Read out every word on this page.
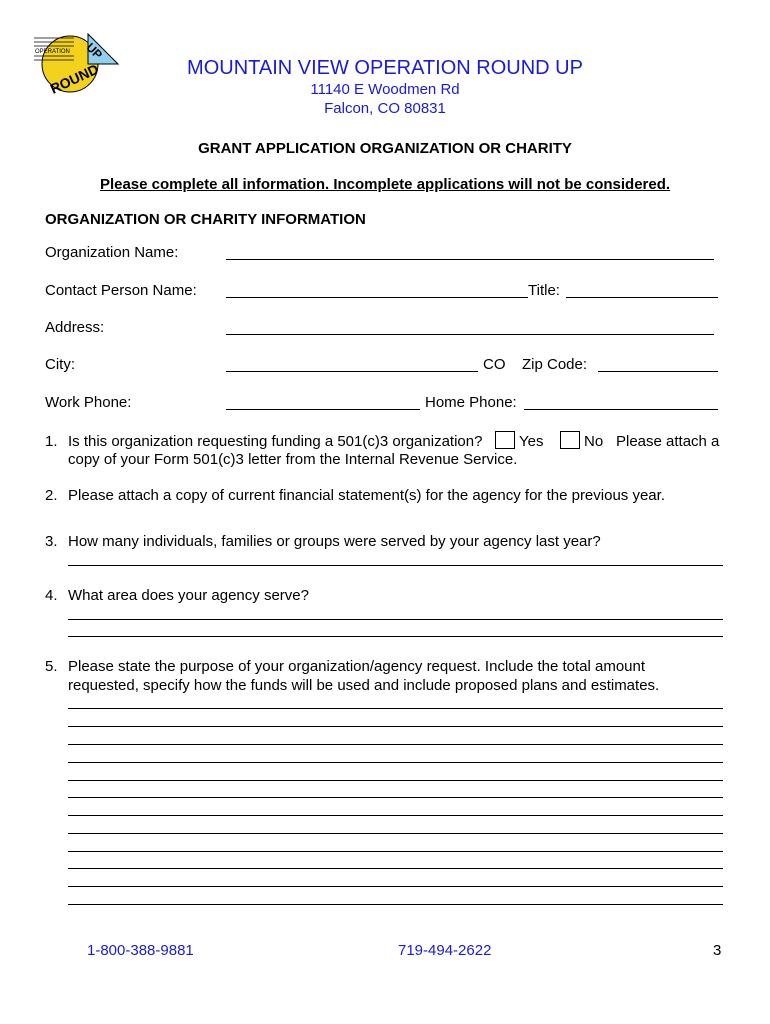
OPERATION UP
ROUND	MOUNTAIN VIEW OPERATION ROUND UP
11140 E Woodmen Rd
Falcon, CO 80831
GRANT APPLICATION ORGANIZATION OR CHARITY
Please complete all information. Incomplete applications will not be considered.
ORGANIZATION OR CHARITY INFORMATION
Organization Name:
Contact Person Name:	Title:
Address:
City:	CO Zip Code:
Work Phone:	Home Phone:
1. Is this organization requesting funding a 501(c)3 organization? Yes	No Please attach a
copy of your Form 501(c)3 letter from the Internal Revenue Service.
2. Please attach a copy of current financial statement(s) for the agency for the previous year.
3. How many individuals, families or groups were served by your agency last year?
4. What area does your agency serve?
5. Please state the purpose of your organization/agency request. Include the total amount
requested, specify how the funds will be used and include proposed plans and estimates.
1-800-388-9881	719-494-2622	3
